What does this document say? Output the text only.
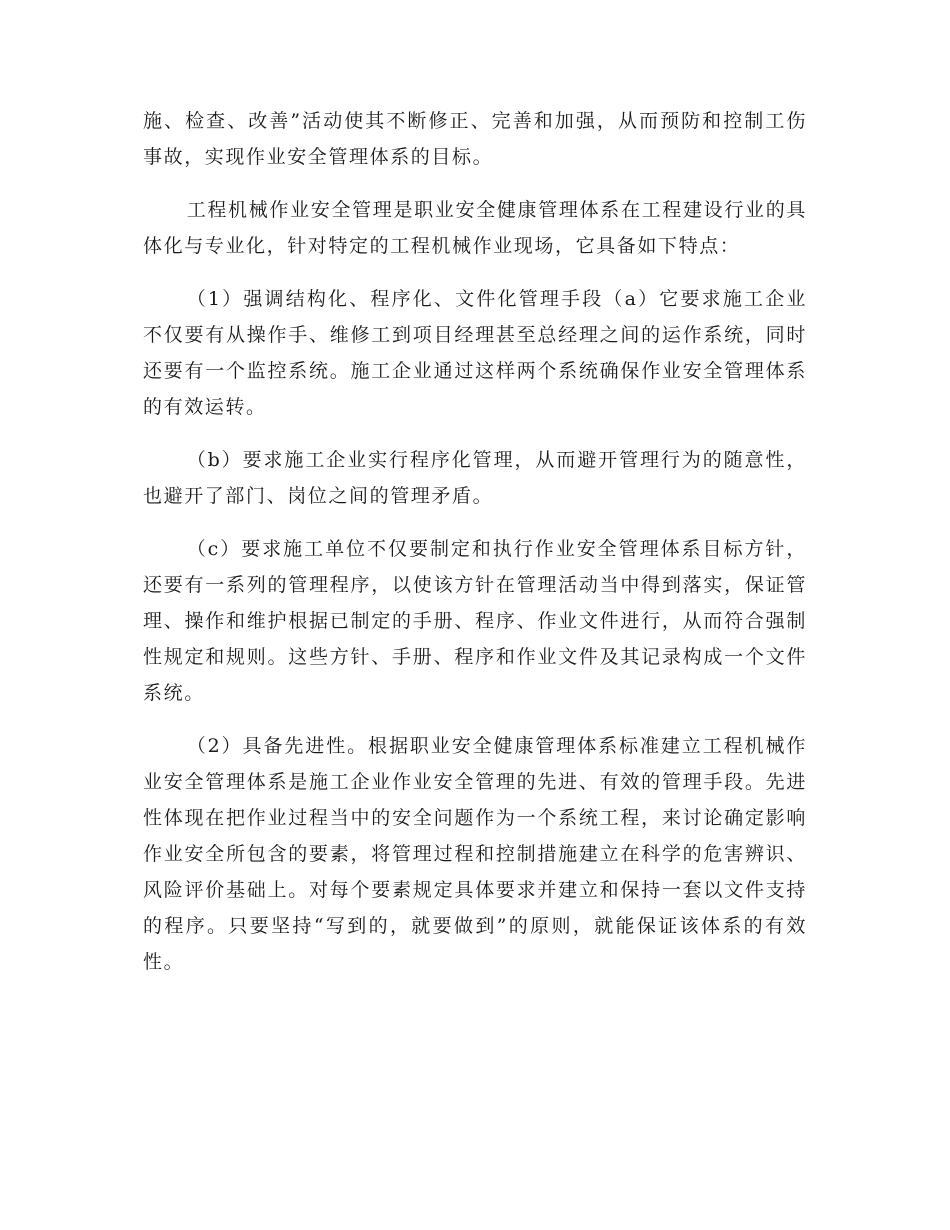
施、检查、改善”活动使其不断修正、完善和加强，从而预防和控制工伤事故，实现作业安全管理体系的目标。

工程机械作业安全管理是职业安全健康管理体系在工程建设行业的具体化与专业化，针对特定的工程机械作业现场，它具备如下特点：

（1）强调结构化、程序化、文件化管理手段（a）它要求施工企业不仅要有从操作手、维修工到项目经理甚至总经理之间的运作系统，同时还要有一个监控系统。施工企业通过这样两个系统确保作业安全管理体系的有效运转。

（b）要求施工企业实行程序化管理，从而避开管理行为的随意性，也避开了部门、岗位之间的管理矛盾。

（c）要求施工单位不仅要制定和执行作业安全管理体系目标方针，还要有一系列的管理程序，以使该方针在管理活动当中得到落实，保证管理、操作和维护根据已制定的手册、程序、作业文件进行，从而符合强制性规定和规则。这些方针、手册、程序和作业文件及其记录构成一个文件系统。

（2）具备先进性。根据职业安全健康管理体系标准建立工程机械作业安全管理体系是施工企业作业安全管理的先进、有效的管理手段。先进性体现在把作业过程当中的安全问题作为一个系统工程，来讨论确定影响作业安全所包含的要素，将管理过程和控制措施建立在科学的危害辨识、风险评价基础上。对每个要素规定具体要求并建立和保持一套以文件支持的程序。只要坚持“写到的，就要做到”的原则，就能保证该体系的有效性。
